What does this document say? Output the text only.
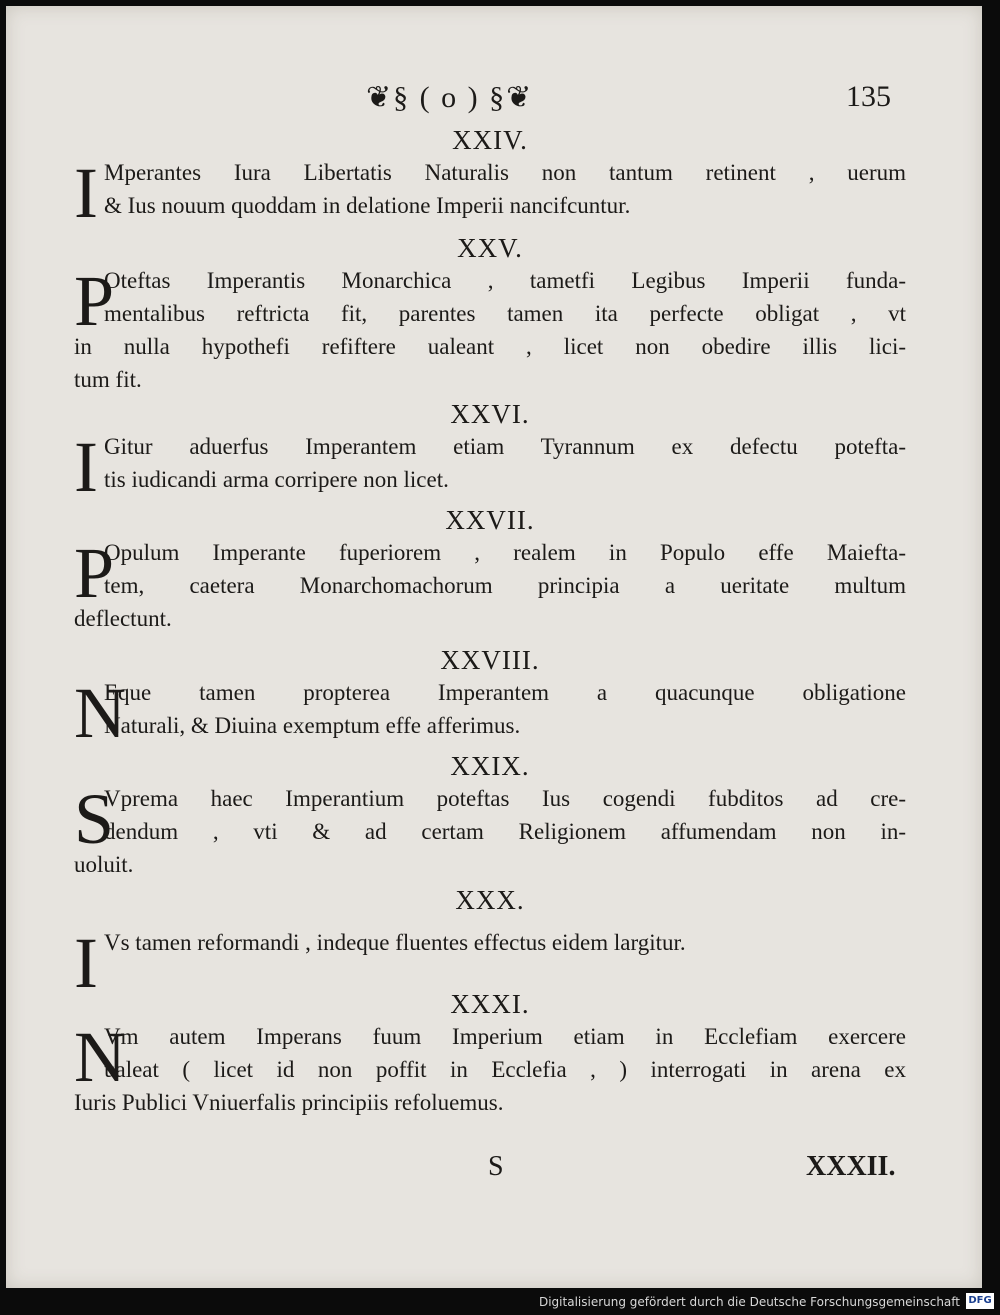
❦§ ( o ) §❦	135
XXIV.
I Mperantes Iura Libertatis Naturalis non tantum retinent , uerum
& Ius nouum quoddam in delatione Imperii nancifcuntur.
XXV.
P
Oteftas Imperantis Monarchica , tametfi Legibus Imperii funda-
mentalibus reftricta fit, parentes tamen ita perfecte obligat , vt
in nulla hypothefi refiftere ualeant , licet non obedire illis lici-
tum fit.
XXVI.
I Gitur aduerfus Imperantem etiam Tyrannum ex defectu potefta-
tis iudicandi arma corripere non licet.
XXVII.
P
Opulum Imperante fuperiorem , realem in Populo effe Maiefta-
tem, caetera Monarchomachorum principia a ueritate multum
deflectunt.
XXVIII.
N
Eque tamen propterea Imperantem a quacunque obligatione
Naturali, & Diuina exemptum effe afferimus.
XXIX.
S
Vprema haec Imperantium poteftas Ius cogendi fubditos ad cre-
dendum , vti & ad certam Religionem affumendam non in-
uoluit.
XXX.
I Vs tamen reformandi , indeque fluentes effectus eidem largitur.
XXXI.
N
Vm autem Imperans fuum Imperium etiam in Ecclefiam exercere
ualeat ( licet id non poffit in Ecclefia , ) interrogati in arena ex
Iuris Publici Vniuerfalis principiis refoluemus.
S	XXXII.
Digitalisierung gefördert durch die Deutsche Forschungsgemeinschaft DFG
